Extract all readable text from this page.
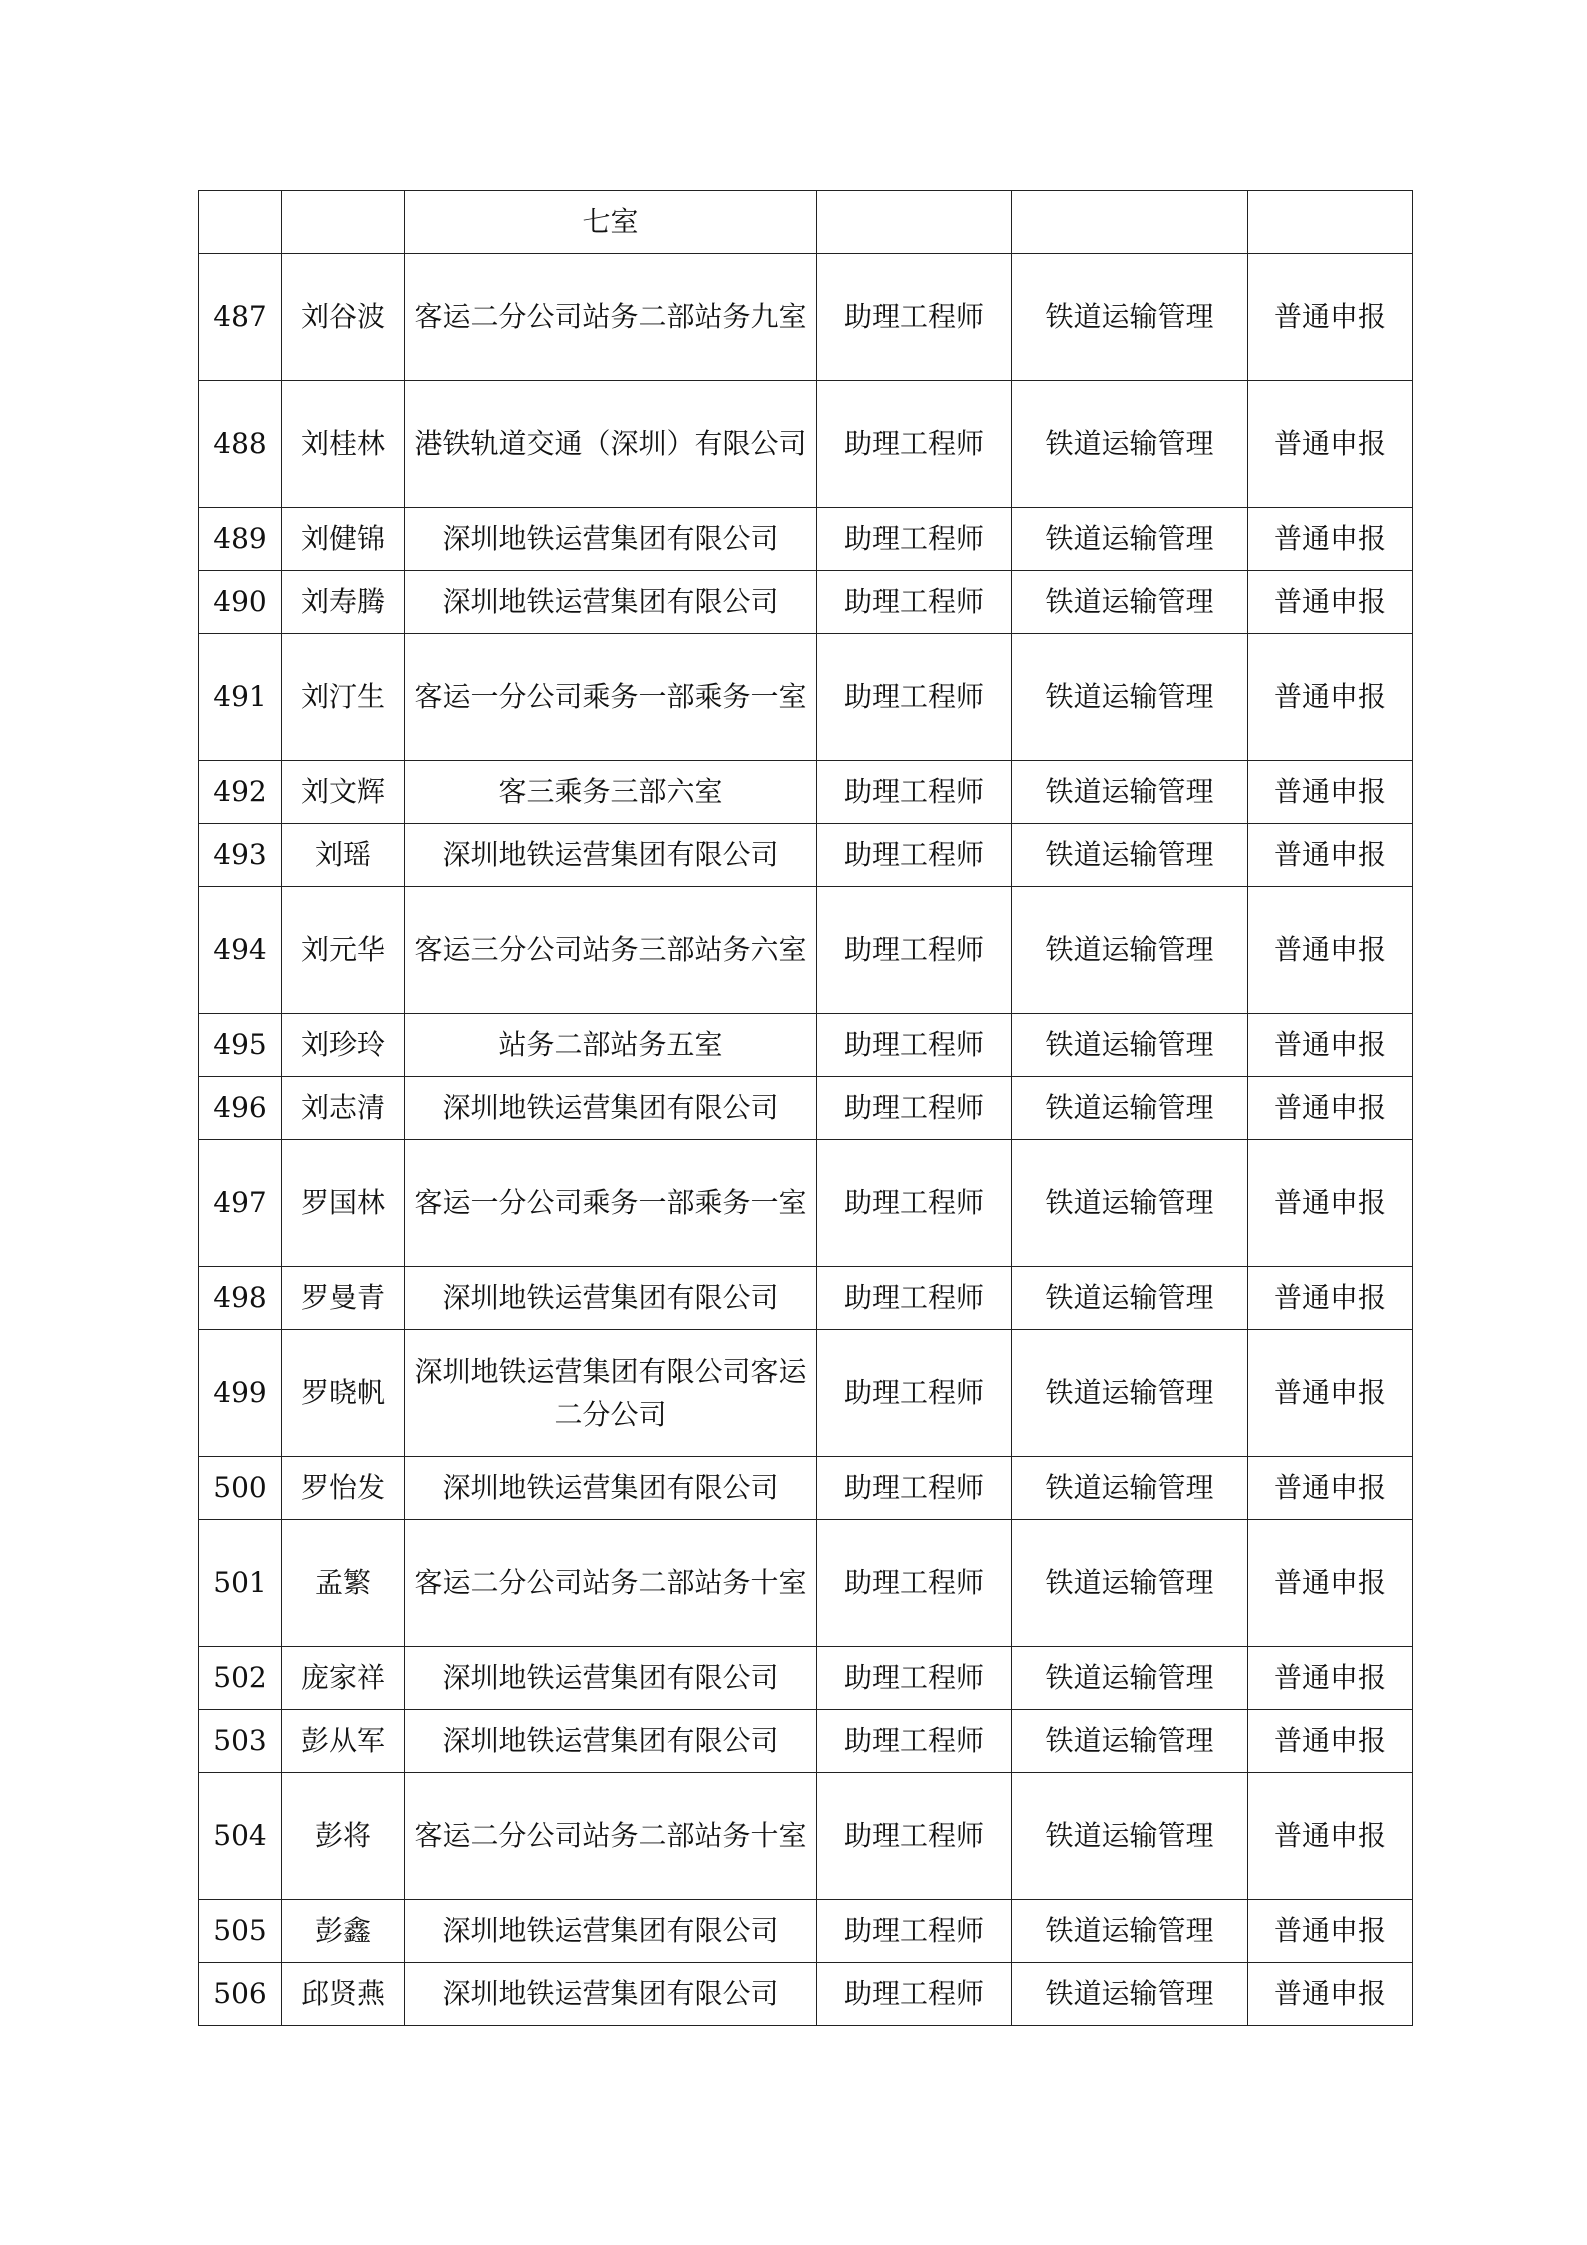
		七室			
487	刘谷波	客运二分公司站务二部站务九室	助理工程师	铁道运输管理	普通申报
488	刘桂林	港铁轨道交通（深圳）有限公司	助理工程师	铁道运输管理	普通申报
489	刘健锦	深圳地铁运营集团有限公司	助理工程师	铁道运输管理	普通申报
490	刘寿腾	深圳地铁运营集团有限公司	助理工程师	铁道运输管理	普通申报
491	刘汀生	客运一分公司乘务一部乘务一室	助理工程师	铁道运输管理	普通申报
492	刘文辉	客三乘务三部六室	助理工程师	铁道运输管理	普通申报
493	刘瑶	深圳地铁运营集团有限公司	助理工程师	铁道运输管理	普通申报
494	刘元华	客运三分公司站务三部站务六室	助理工程师	铁道运输管理	普通申报
495	刘珍玲	站务二部站务五室	助理工程师	铁道运输管理	普通申报
496	刘志清	深圳地铁运营集团有限公司	助理工程师	铁道运输管理	普通申报
497	罗国林	客运一分公司乘务一部乘务一室	助理工程师	铁道运输管理	普通申报
498	罗曼青	深圳地铁运营集团有限公司	助理工程师	铁道运输管理	普通申报
499	罗晓帆	深圳地铁运营集团有限公司客运二分公司	助理工程师	铁道运输管理	普通申报
500	罗怡发	深圳地铁运营集团有限公司	助理工程师	铁道运输管理	普通申报
501	孟繁	客运二分公司站务二部站务十室	助理工程师	铁道运输管理	普通申报
502	庞家祥	深圳地铁运营集团有限公司	助理工程师	铁道运输管理	普通申报
503	彭从军	深圳地铁运营集团有限公司	助理工程师	铁道运输管理	普通申报
504	彭将	客运二分公司站务二部站务十室	助理工程师	铁道运输管理	普通申报
505	彭鑫	深圳地铁运营集团有限公司	助理工程师	铁道运输管理	普通申报
506	邱贤燕	深圳地铁运营集团有限公司	助理工程师	铁道运输管理	普通申报
